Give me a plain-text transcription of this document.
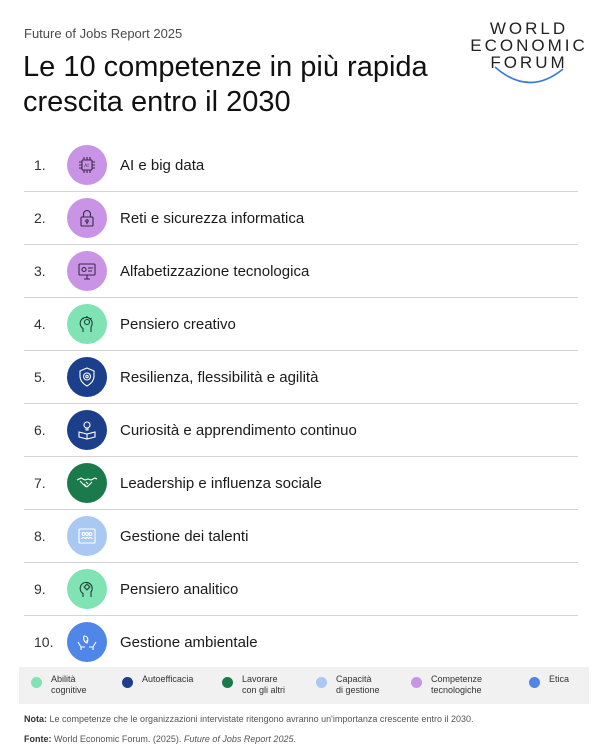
Future of Jobs Report 2025
Le 10 competenze in più rapida crescita entro il 2030
WORLD
ECONOMIC
FORUM
1.	AI AI e big data
2.	Reti e sicurezza informatica
3.	Alfabetizzazione tecnologica
4.	Pensiero creativo
5.	Resilienza, flessibilità e agilità
6.	Curiosità e apprendimento continuo
7.	Leadership e influenza sociale
8.	Gestione dei talenti
9.	Pensiero analitico
10.	Gestione ambientale
Abilità
cognitive
Autoefficacia	Lavorare
con gli altri
Capacità
di gestione
Competenze
tecnologiche
Etica
Nota: Le competenze che le organizzazioni intervistate ritengono avranno un'importanza crescente entro il 2030.
Fonte: World Economic Forum. (2025). Future of Jobs Report 2025.
